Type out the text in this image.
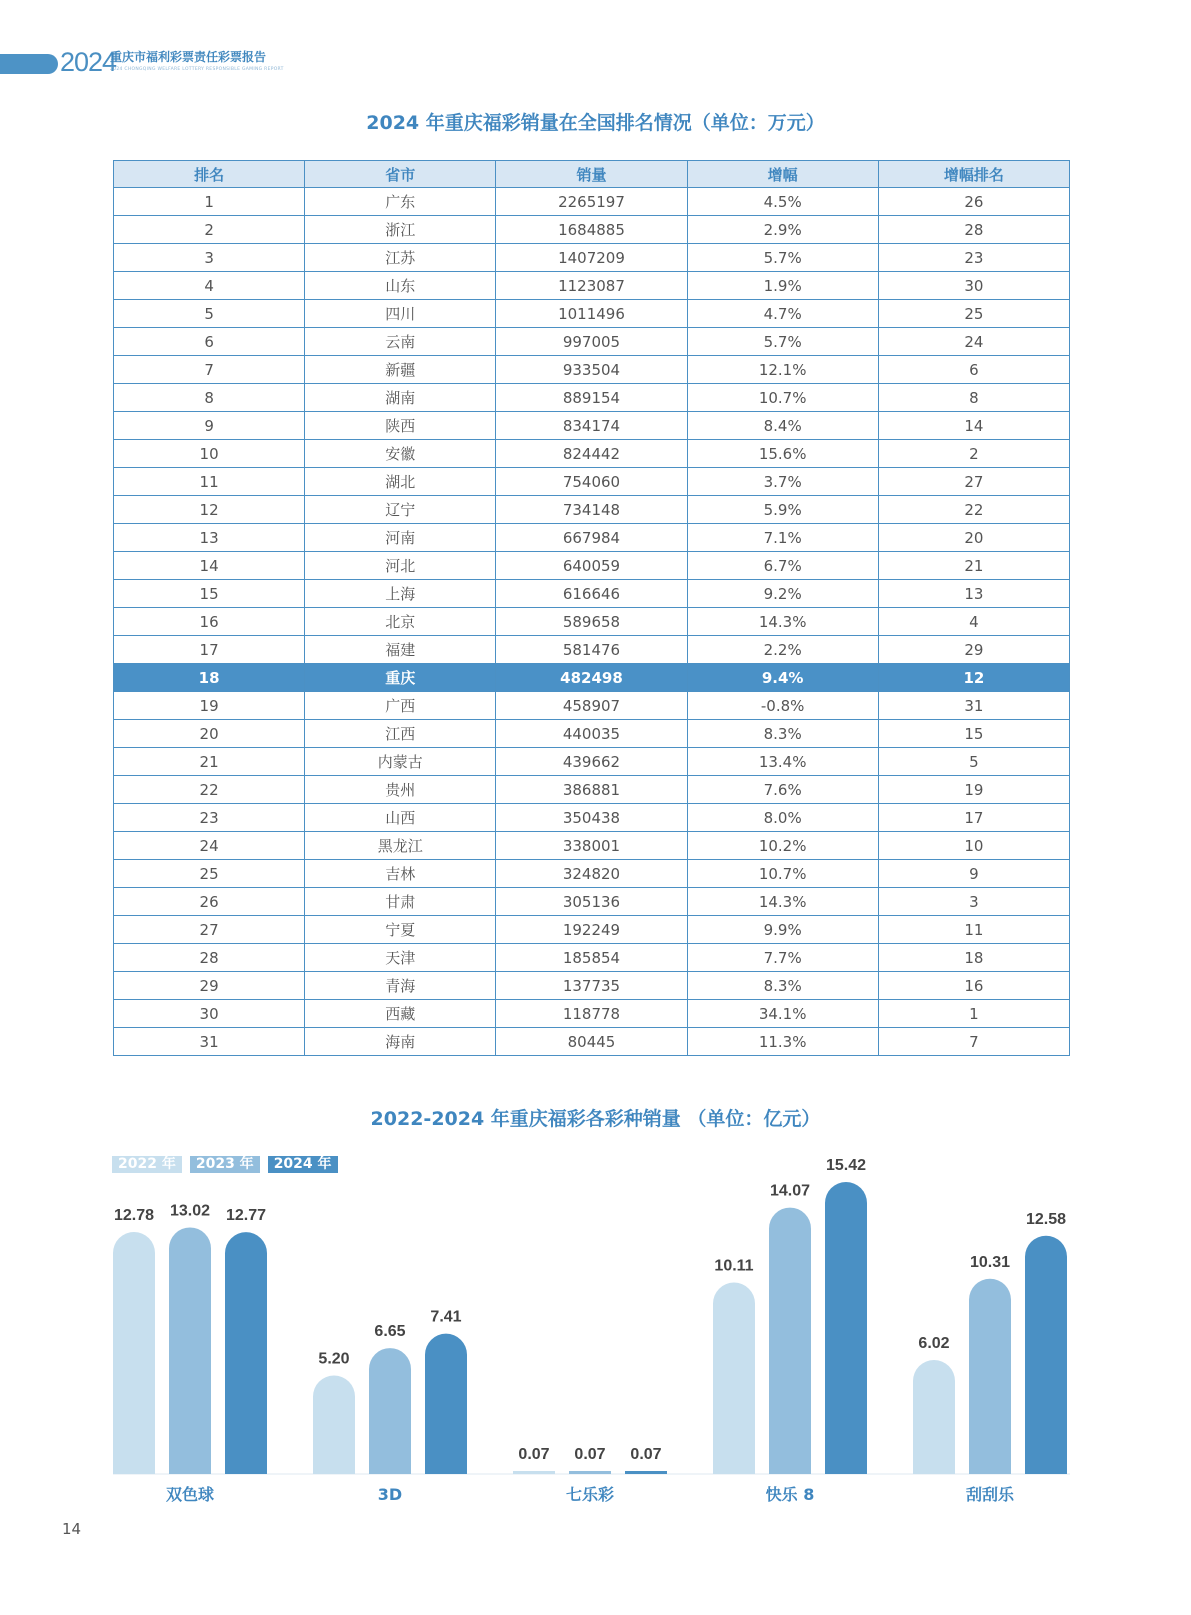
2024
重庆市福利彩票责任彩票报告
2024 CHONGQING WELFARE LOTTERY RESPONSIBLE GAMING REPORT
2024 年重庆福彩销量在全国排名情况（单位：万元）
排名	省市	销量	增幅	增幅排名
1	广东	2265197	4.5%	26
2	浙江	1684885	2.9%	28
3	江苏	1407209	5.7%	23
4	山东	1123087	1.9%	30
5	四川	1011496	4.7%	25
6	云南	997005	5.7%	24
7	新疆	933504	12.1%	6
8	湖南	889154	10.7%	8
9	陕西	834174	8.4%	14
10	安徽	824442	15.6%	2
11	湖北	754060	3.7%	27
12	辽宁	734148	5.9%	22
13	河南	667984	7.1%	20
14	河北	640059	6.7%	21
15	上海	616646	9.2%	13
16	北京	589658	14.3%	4
17	福建	581476	2.2%	29
18	重庆	482498	9.4%	12
19	广西	458907	-0.8%	31
20	江西	440035	8.3%	15
21	内蒙古	439662	13.4%	5
22	贵州	386881	7.6%	19
23	山西	350438	8.0%	17
24	黑龙江	338001	10.2%	10
25	吉林	324820	10.7%	9
26	甘肃	305136	14.3%	3
27	宁夏	192249	9.9%	11
28	天津	185854	7.7%	18
29	青海	137735	8.3%	16
30	西藏	118778	34.1%	1
31	海南	80445	11.3%	7
2022-2024 年重庆福彩各彩种销量 （单位：亿元）
12.78 13.02 12.77
双色球
5.20
6.65
7.41
3D
0.07 0.07 0.07
七乐彩
10.11
14.07
15.42
快乐 8
6.02
10.31
12.58
刮刮乐
2022 年	2023 年	2024 年
14
